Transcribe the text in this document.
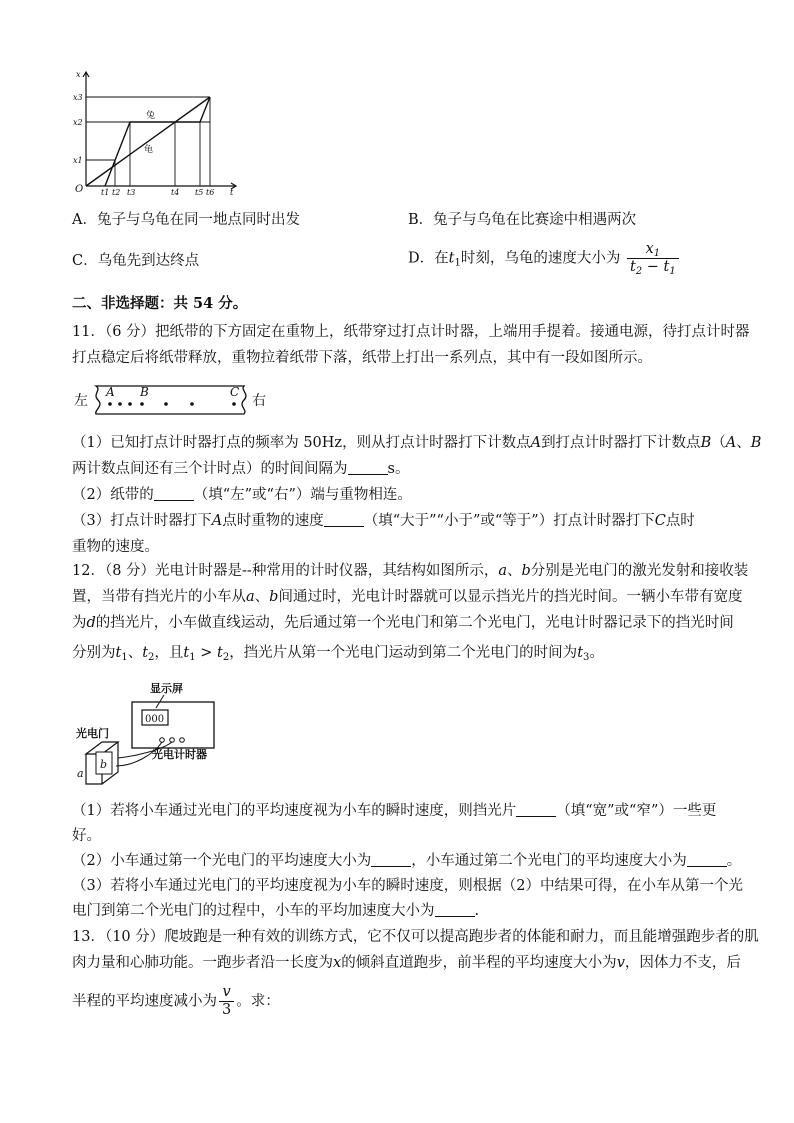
x
t
x3
x2
x1
t1 t2 t3	t4 t5 t6
O
兔
龟
A．兔子与乌龟在同一地点同时出发	B．兔子与乌龟在比赛途中相遇两次
C．乌龟先到达终点	D．在$t_1$时刻，乌龟的速度大小为 $\frac{x_1}{t_2 - t_1}$
二、非选择题：共 54 分。
11．（6 分）把纸带的下方固定在重物上，纸带穿过打点计时器，上端用手提着。接通电源，待打点计时器
打点稳定后将纸带释放，重物拉着纸带下落，纸带上打出一系列点，其中有一段如图所示。
左
A B	C
右
（1）已知打点计时器打点的频率为 50Hz，则从打点计时器打下计数点A到打点计时器打下计数点B（A、B
两计数点间还有三个计时点）的时间间隔为	s。
（2）纸带的	（填“左”或“右”）端与重物相连。
（3）打点计时器打下A点时重物的速度	（填“大于”“小于”或“等于”）打点计时器打下C点时
重物的速度。
12．（8 分）光电计时器是--种常用的计时仪器，其结构如图所示，a、b分别是光电门的激光发射和接收装
置，当带有挡光片的小车从a、b间通过时，光电计时器就可以显示挡光片的挡光时间。一辆小车带有宽度
为d的挡光片，小车做直线运动，先后通过第一个光电门和第二个光电门，光电计时器记录下的挡光时间
分别为$t_1$、$t_2$，且$t_1 > t_2$，挡光片从第一个光电门运动到第二个光电门的时间为$t_3$。
显示屏
000
光电门
光电计时器
a
b
（1）若将小车通过光电门的平均速度视为小车的瞬时速度，则挡光片	（填“宽”或“窄”）一些更
好。
（2）小车通过第一个光电门的平均速度大小为	，小车通过第二个光电门的平均速度大小为	。
（3）若将小车通过光电门的平均速度视为小车的瞬时速度，则根据（2）中结果可得，在小车从第一个光
电门到第二个光电门的过程中，小车的平均加速度大小为	.
13．（10 分）爬坡跑是一种有效的训练方式，它不仅可以提高跑步者的体能和耐力，而且能增强跑步者的肌
肉力量和心肺功能。一跑步者沿一长度为x的倾斜直道跑步，前半程的平均速度大小为v，因体力不支，后
半程的平均速度减小为 $\frac{v}{3}$ 。求：
